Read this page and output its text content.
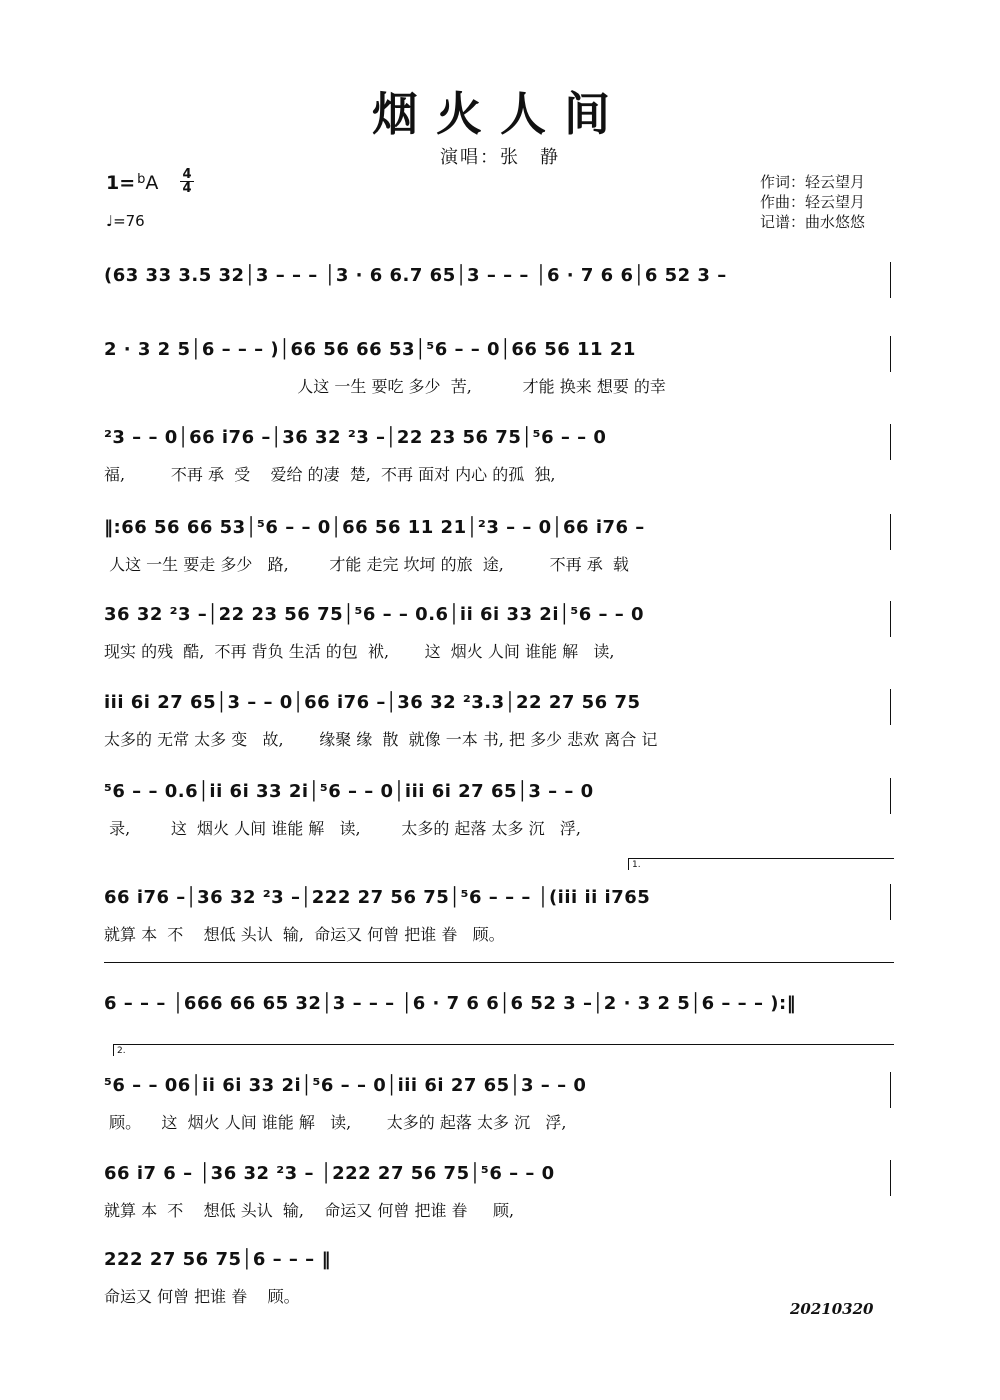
烟火人间
演唱：张　静
1= $^b$A 4
4
♩=76
作词：轻云望月
作曲：轻云望月
记谱：曲水悠悠
(63 33 3.5 32│3 – – – │3 · 6 6.7 65│3 – – – │6 · 7 6 6│6 52 3 –
2 · 3 2 5│6 – – – )│66 56 66 53│⁵6 – – 0│66 56 11 21
人这 一生 要吃 多少  苦,          才能 换来 想要 的幸
²3 – – 0│66 i76 –│36 32 ²3 –│22 23 56 75│⁵6 – – 0
福,         不再 承  受    爱给 的凄  楚,  不再 面对 内心 的孤  独,
‖:66 56 66 53│⁵6 – – 0│66 56 11 21│²3 – – 0│66 i76 –
人这 一生 要走 多少   路,        才能 走完 坎坷 的旅  途,         不再 承  载
36 32 ²3 –│22 23 56 75│⁵6 – – 0.6│ii 6i 33 2i│⁵6 – – 0
现实 的残  酷,  不再 背负 生活 的包  袱,       这  烟火 人间 谁能 解   读,
iii 6i 27 65│3 – – 0│66 i76 –│36 32 ²3.3│22 27 56 75
太多的 无常 太多 变   故,       缘聚 缘  散  就像 一本 书, 把 多少 悲欢 离合 记
⁵6 – – 0.6│ii 6i 33 2i│⁵6 – – 0│iii 6i 27 65│3 – – 0
录,        这  烟火 人间 谁能 解   读,        太多的 起落 太多 沉   浮,
1.
66 i76 –│36 32 ²3 –│222 27 56 75│⁵6 – – – │(iii ii i765
就算 本  不    想低 头认  输,  命运又 何曾 把谁 眷   顾。
6 – – – │666 66 65 32│3 – – – │6 · 7 6 6│6 52 3 –│2 · 3 2 5│6 – – – ):‖
2.
⁵6 – – 06│ii 6i 33 2i│⁵6 – – 0│iii 6i 27 65│3 – – 0
顾。    这  烟火 人间 谁能 解   读,       太多的 起落 太多 沉   浮,
66 i7 6 – │36 32 ²3 – │222 27 56 75│⁵6 – – 0
就算 本  不    想低 头认  输,    命运又 何曾 把谁 眷     顾,
222 27 56 75│6 – – – ‖
命运又 何曾 把谁 眷    顾。
20210320
